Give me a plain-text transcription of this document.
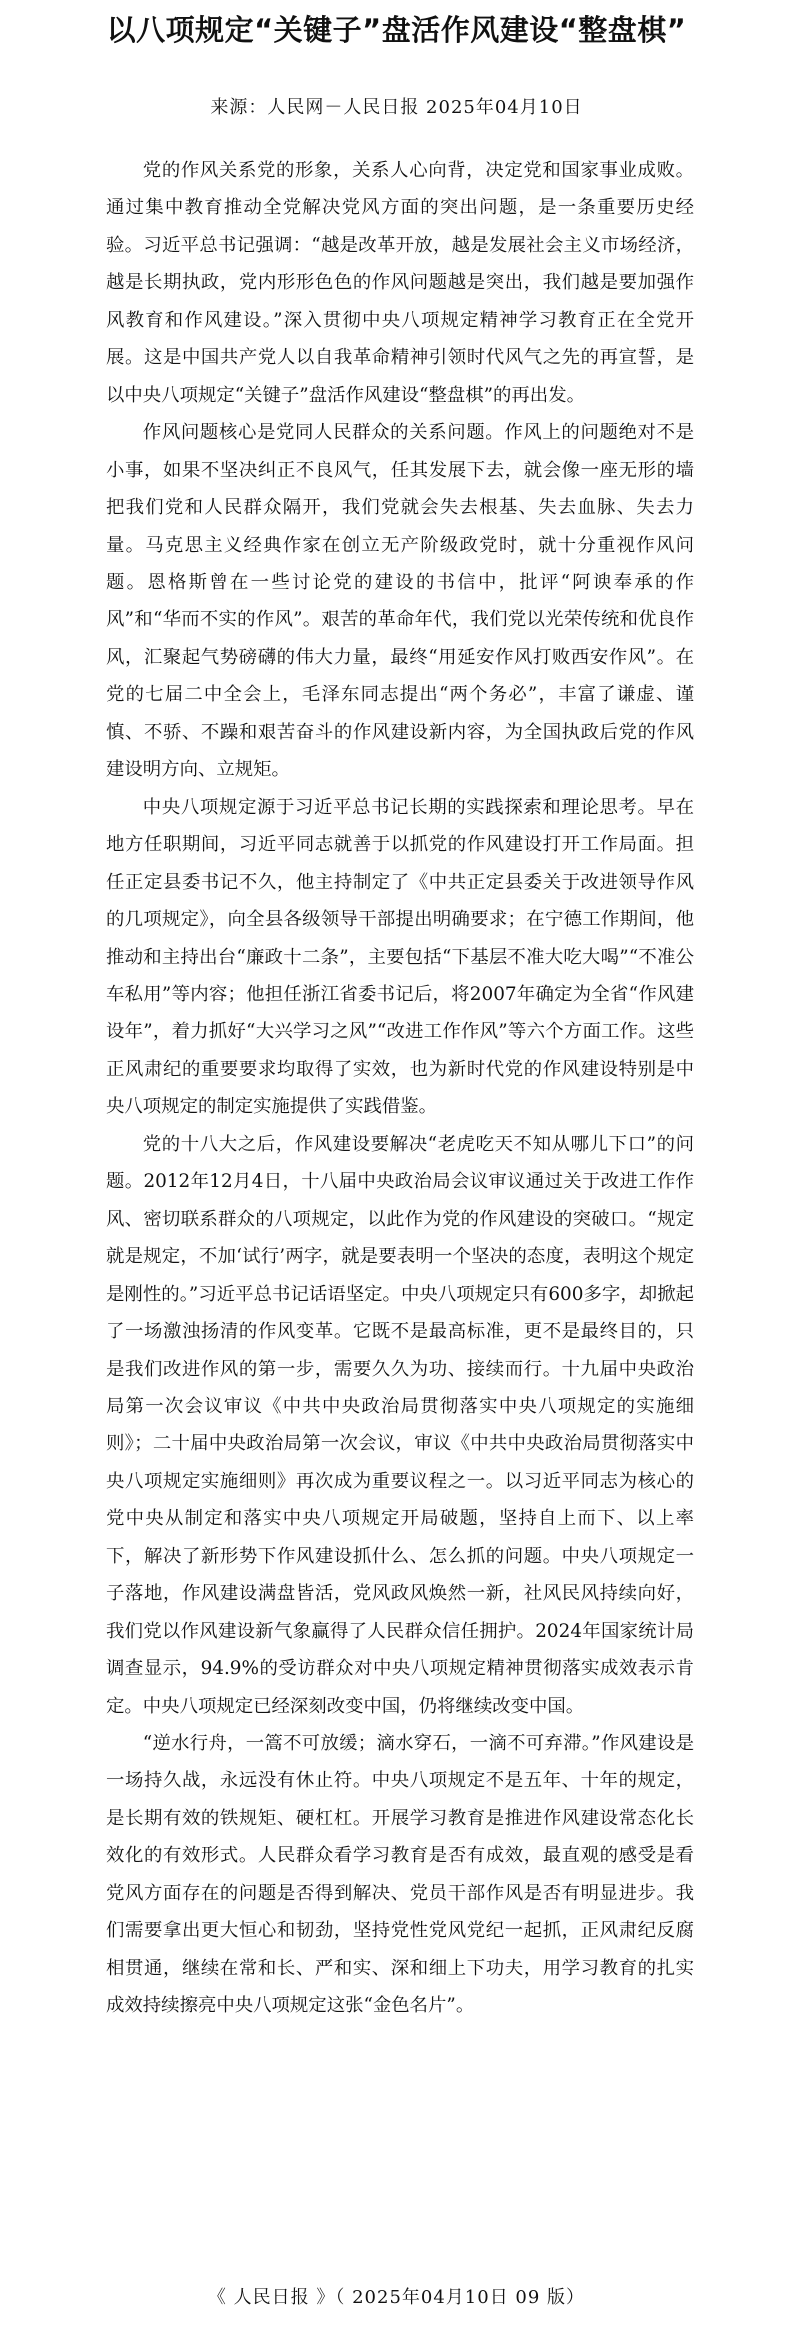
以八项规定“关键子”盘活作风建设“整盘棋”

来源：人民网－人民日报 2025年04月10日

党的作风关系党的形象，关系人心向背，决定党和国家事业成败。通过集中教育推动全党解决党风方面的突出问题，是一条重要历史经验。习近平总书记强调：“越是改革开放，越是发展社会主义市场经济，越是长期执政，党内形形色色的作风问题越是突出，我们越是要加强作风教育和作风建设。”深入贯彻中央八项规定精神学习教育正在全党开展。这是中国共产党人以自我革命精神引领时代风气之先的再宣誓，是以中央八项规定“关键子”盘活作风建设“整盘棋”的再出发。

作风问题核心是党同人民群众的关系问题。作风上的问题绝对不是小事，如果不坚决纠正不良风气，任其发展下去，就会像一座无形的墙把我们党和人民群众隔开，我们党就会失去根基、失去血脉、失去力量。马克思主义经典作家在创立无产阶级政党时，就十分重视作风问题。恩格斯曾在一些讨论党的建设的书信中，批评“阿谀奉承的作风”和“华而不实的作风”。艰苦的革命年代，我们党以光荣传统和优良作风，汇聚起气势磅礴的伟大力量，最终“用延安作风打败西安作风”。在党的七届二中全会上，毛泽东同志提出“两个务必”，丰富了谦虚、谨慎、不骄、不躁和艰苦奋斗的作风建设新内容，为全国执政后党的作风建设明方向、立规矩。

中央八项规定源于习近平总书记长期的实践探索和理论思考。早在地方任职期间，习近平同志就善于以抓党的作风建设打开工作局面。担任正定县委书记不久，他主持制定了《中共正定县委关于改进领导作风的几项规定》，向全县各级领导干部提出明确要求；在宁德工作期间，他推动和主持出台“廉政十二条”，主要包括“下基层不准大吃大喝”“不准公车私用”等内容；他担任浙江省委书记后，将2007年确定为全省“作风建设年”，着力抓好“大兴学习之风”“改进工作作风”等六个方面工作。这些正风肃纪的重要要求均取得了实效，也为新时代党的作风建设特别是中央八项规定的制定实施提供了实践借鉴。

党的十八大之后，作风建设要解决“老虎吃天不知从哪儿下口”的问题。2012年12月4日，十八届中央政治局会议审议通过关于改进工作作风、密切联系群众的八项规定，以此作为党的作风建设的突破口。“规定就是规定，不加‘试行’两字，就是要表明一个坚决的态度，表明这个规定是刚性的。”习近平总书记话语坚定。中央八项规定只有600多字，却掀起了一场激浊扬清的作风变革。它既不是最高标准，更不是最终目的，只是我们改进作风的第一步，需要久久为功、接续而行。十九届中央政治局第一次会议审议《中共中央政治局贯彻落实中央八项规定的实施细则》；二十届中央政治局第一次会议，审议《中共中央政治局贯彻落实中央八项规定实施细则》再次成为重要议程之一。以习近平同志为核心的党中央从制定和落实中央八项规定开局破题，坚持自上而下、以上率下，解决了新形势下作风建设抓什么、怎么抓的问题。中央八项规定一子落地，作风建设满盘皆活，党风政风焕然一新，社风民风持续向好，我们党以作风建设新气象赢得了人民群众信任拥护。2024年国家统计局调查显示，94.9%的受访群众对中央八项规定精神贯彻落实成效表示肯定。中央八项规定已经深刻改变中国，仍将继续改变中国。

“逆水行舟，一篙不可放缓；滴水穿石，一滴不可弃滞。”作风建设是一场持久战，永远没有休止符。中央八项规定不是五年、十年的规定，是长期有效的铁规矩、硬杠杠。开展学习教育是推进作风建设常态化长效化的有效形式。人民群众看学习教育是否有成效，最直观的感受是看党风方面存在的问题是否得到解决、党员干部作风是否有明显进步。我们需要拿出更大恒心和韧劲，坚持党性党风党纪一起抓，正风肃纪反腐相贯通，继续在常和长、严和实、深和细上下功夫，用学习教育的扎实成效持续擦亮中央八项规定这张“金色名片”。

《 人民日报 》（ 2025年04月10日 09 版）
